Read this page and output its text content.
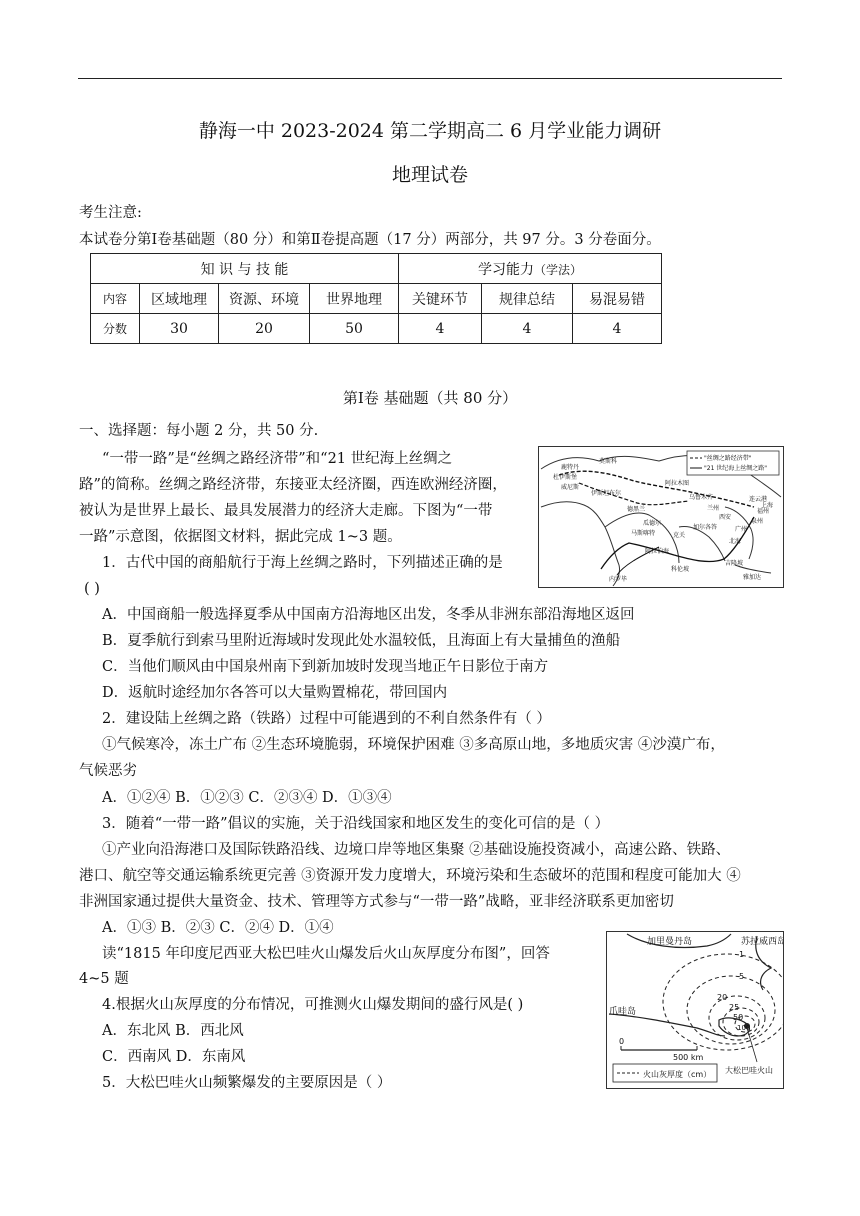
静海一中 2023-2024 第二学期高二 6 月学业能力调研
地理试卷
考生注意:
本试卷分第Ⅰ卷基础题（80 分）和第Ⅱ卷提高题（17 分）两部分，共 97 分。3 分卷面分。
知 识 与 技 能				学习能力（学法）		
内容	区域地理	资源、环境	世界地理	关键环节	规律总结	易混易错
分数	30	20	50	4	4	4
第Ⅰ卷 基础题（共 80 分）
一、选择题：每小题 2 分，共 50 分.
“一带一路”是“丝绸之路经济带”和“21 世纪海上丝绸之
路”的简称。丝绸之路经济带，东接亚太经济圈，西连欧洲经济圈，
被认为是世界上最长、最具发展潜力的经济大走廊。下图为“一带
一路”示意图，依据图文材料，据此完成 1~3 题。
1．古代中国的商船航行于海上丝绸之路时，下列描述正确的是
( )
A．中国商船一般选择夏季从中国南方沿海地区出发，冬季从非洲东部沿海地区返回
B．夏季航行到索马里附近海域时发现此处水温较低，且海面上有大量捕鱼的渔船
C．当他们顺风由中国泉州南下到新加坡时发现当地正午日影位于南方
D．返航时途经加尔各答可以大量购置棉花，带回国内
2．建设陆上丝绸之路（铁路）过程中可能遇到的不利自然条件有（ ）
①气候寒冷，冻土广布 ②生态环境脆弱，环境保护困难 ③多高原山地，多地质灾害 ④沙漠广布，
气候恶劣
A．①②④ B．①②③ C．②③④ D．①③④
3．随着“一带一路”倡议的实施，关于沿线国家和地区发生的变化可信的是（ ）
①产业向沿海港口及国际铁路沿线、边境口岸等地区集聚 ②基础设施投资减小，高速公路、铁路、
港口、航空等交通运输系统更完善 ③资源开发力度增大，环境污染和生态破坏的范围和程度可能加大 ④
非洲国家通过提供大量资金、技术、管理等方式参与“一带一路”战略，亚非经济联系更加密切
A．①③ B．②③ C．②④ D．①④
读“1815 年印度尼西亚大松巴哇火山爆发后火山灰厚度分布图”，回答
4~5 题
4.根据火山灰厚度的分布情况，可推测火山爆发期间的盛行风是( )
A．东北风 B．西北风
C．西南风 D．东南风
5．大松巴哇火山频繁爆发的主要原因是（ ）
"丝绸之路经济带"
"21 世纪海上丝绸之路"
莫斯科
鹿特丹
杜伊斯堡
威尼斯
伊斯坦布尔
阿拉木图
乌鲁木齐
兰州
西安
德黑兰
瓜德尔
马斯喀特
加尔各答
科伦坡
吉隆坡
雅加达
内罗毕
广州
泉州
福州
连云港
上海
北海
阿拉伯海
克关
加里曼丹岛	苏拉威西岛
爪哇岛
大松巴哇火山
1
5
20
25
50
100
0
500 km
火山灰厚度（cm）
